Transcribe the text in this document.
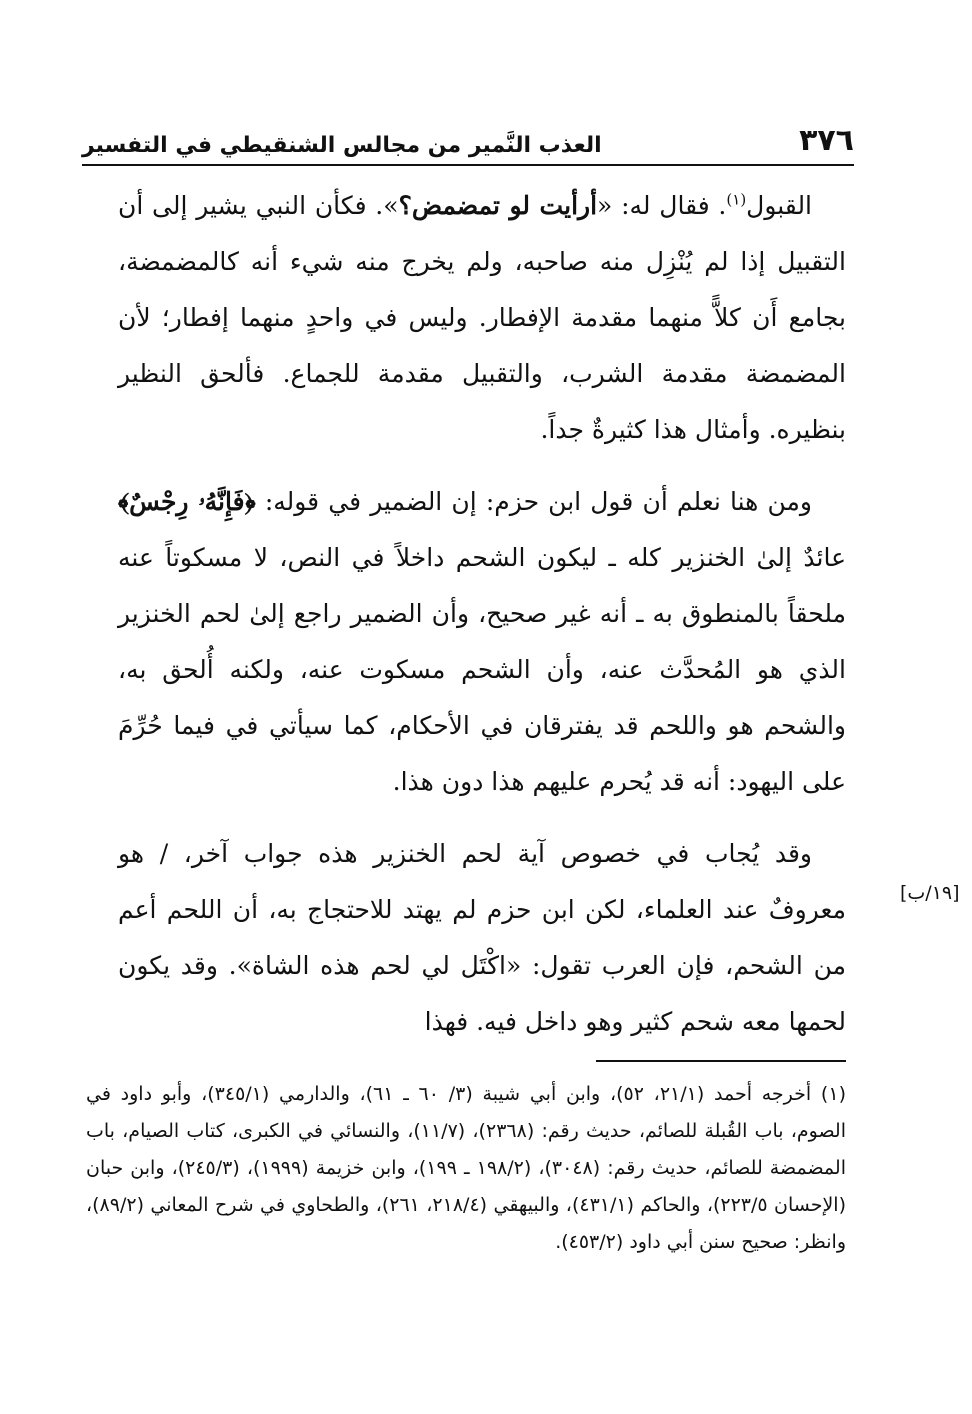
٣٧٦
العذب النَّمير من مجالس الشنقيطي في التفسير

القبول$^{(١)}$. فقال له: «أرأيت لو تمضمض؟». فكأن النبي يشير إلى أن التقبيل إذا لم يُنْزِل منه صاحبه، ولم يخرج منه شيء أنه كالمضمضة، بجامع أَن كلاًّ منهما مقدمة الإفطار. وليس في واحدٍ منهما إفطار؛ لأن المضمضة مقدمة الشرب، والتقبيل مقدمة للجماع. فألحق النظير بنظيره. وأمثال هذا كثيرةٌ جداً.

ومن هنا نعلم أن قول ابن حزم: إن الضمير في قوله: ﴿فَإِنَّهُۥ رِجْسٌ﴾ عائدٌ إلىٰ الخنزير كله ـ ليكون الشحم داخلاً في النص، لا مسكوتاً عنه ملحقاً بالمنطوق به ـ أنه غير صحيح، وأن الضمير راجع إلىٰ لحم الخنزير الذي هو المُحدَّث عنه، وأن الشحم مسكوت عنه، ولكنه أُلحق به، والشحم هو واللحم قد يفترقان في الأحكام، كما سيأتي في فيما حُرِّمَ على اليهود: أنه قد يُحرم عليهم هذا دون هذا.

وقد يُجاب في خصوص آية لحم الخنزير هذه جواب آخر، / هو معروفٌ عند العلماء، لكن ابن حزم لم يهتد للاحتجاج به، أن اللحم أعم من الشحم، فإن العرب تقول: «اكْتَل لي لحم هذه الشاة». وقد يكون لحمها معه شحم كثير وهو داخل فيه. فهذا

[١٩/ب]

(١) أخرجه أحمد (٢١/١، ٥٢)، وابن أبي شيبة (٣/ ٦٠ ـ ٦١)، والدارمي (٣٤٥/١)، وأبو داود في الصوم، باب القُبلة للصائم، حديث رقم: (٢٣٦٨)، (١١/٧)، والنسائي في الكبرى، كتاب الصيام، باب المضمضة للصائم، حديث رقم: (٣٠٤٨)، (١٩٨/٢ ـ ١٩٩)، وابن خزيمة (١٩٩٩)، (٢٤٥/٣)، وابن حبان (الإحسان ٢٢٣/٥)، والحاكم (٤٣١/١)، والبيهقي (٢١٨/٤، ٢٦١)، والطحاوي في شرح المعاني (٨٩/٢)، وانظر: صحيح سنن أبي داود (٤٥٣/٢).
